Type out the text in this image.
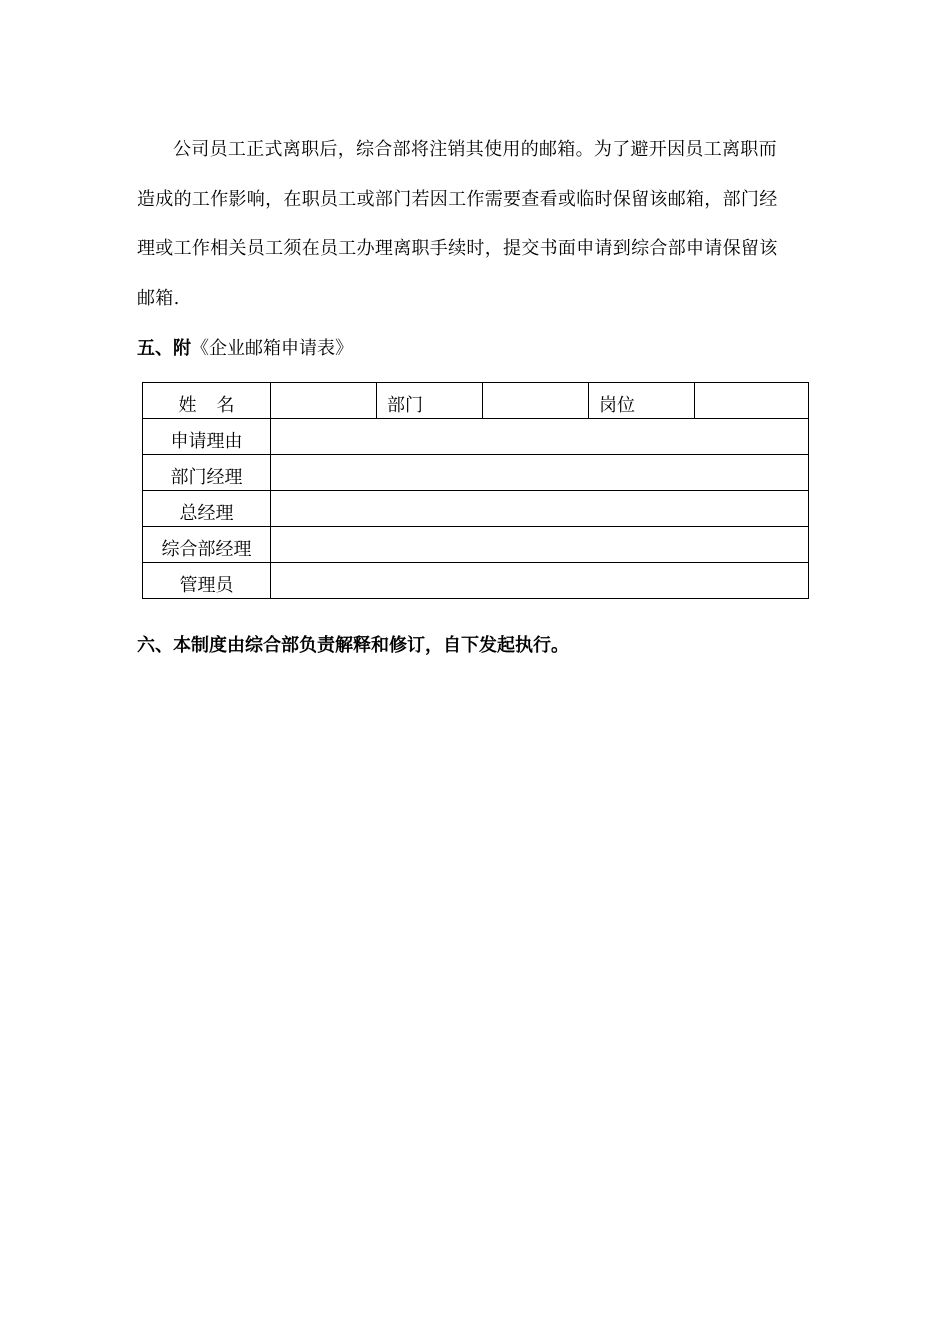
公司员工正式离职后，综合部将注销其使用的邮箱。为了避开因员工离职而
造成的工作影响，在职员工或部门若因工作需要查看或临时保留该邮箱，部门经
理或工作相关员工须在员工办理离职手续时，提交书面申请到综合部申请保留该
邮箱.
五、附《企业邮箱申请表》
姓 名		部门		岗位	
申请理由					
部门经理					
总经理					
综合部经理					
管理员					
六、本制度由综合部负责解释和修订，自下发起执行。
